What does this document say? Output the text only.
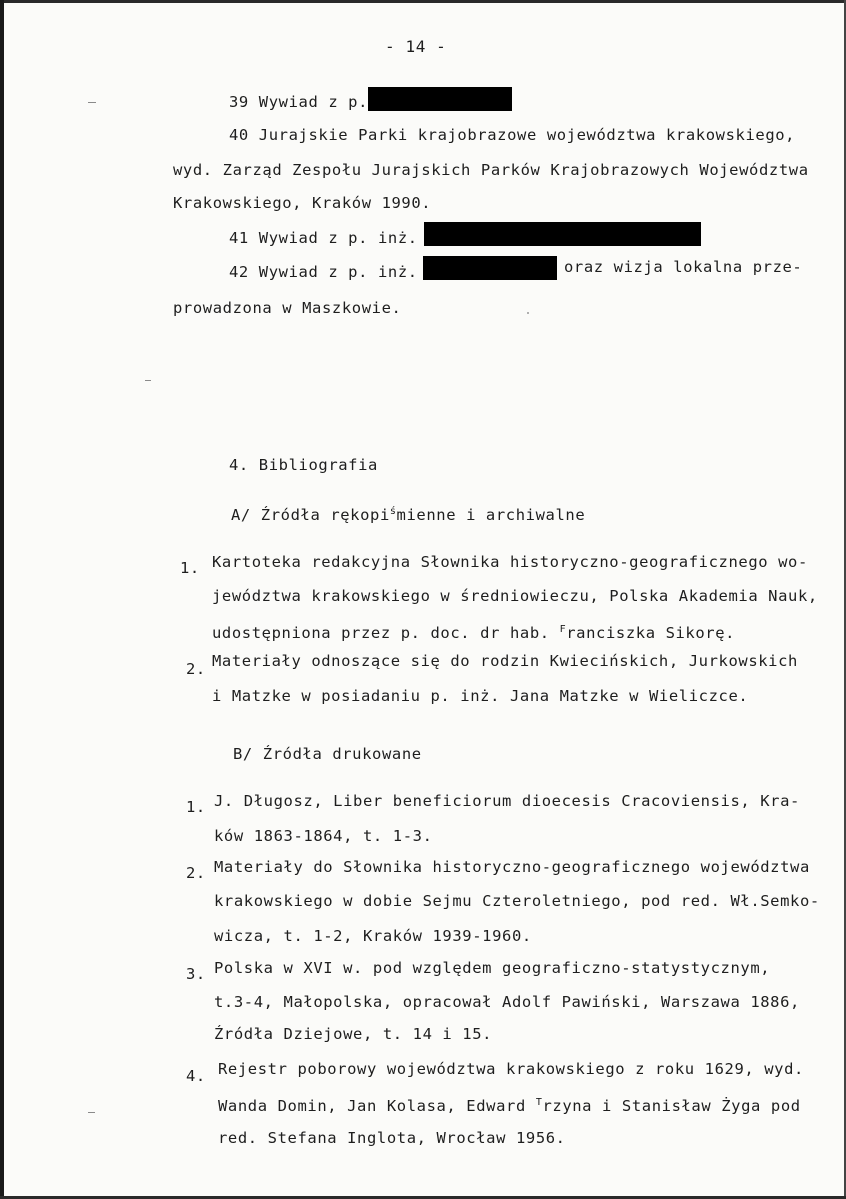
- 14 -
39 Wywiad z p.
40 Jurajskie Parki krajobrazowe województwa krakowskiego,
wyd. Zarząd Zespołu Jurajskich Parków Krajobrazowych Województwa
Krakowskiego, Kraków 1990.
41 Wywiad z p. inż.
42 Wywiad z p. inż.	oraz wizja lokalna prze-
prowadzona w Maszkowie.
4. Bibliografia
A/ Źródła rękopi$^ś$mienne i archiwalne
1. Kartoteka redakcyjna Słownika historyczno-geograficznego wo-
jewództwa krakowskiego w średniowieczu, Polska Akademia Nauk,
udostępniona przez p. doc. dr hab. $^F$ranciszka Sikorę.
2. Materiały odnoszące się do rodzin Kwiecińskich, Jurkowskich
i Matzke w posiadaniu p. inż. Jana Matzke w Wieliczce.
B/ Źródła drukowane
1. J. Długosz, Liber beneficiorum dioecesis Cracoviensis, Kra-
ków 1863-1864, t. 1-3.
2. Materiały do Słownika historyczno-geograficznego województwa
krakowskiego w dobie Sejmu Czteroletniego, pod red. Wł.Semko-
wicza, t. 1-2, Kraków 1939-1960.
3. Polska w XVI w. pod względem geograficzno-statystycznym,
t.3-4, Małopolska, opracował Adolf Pawiński, Warszawa 1886,
Źródła Dziejowe, t. 14 i 15.
4. Rejestr poborowy województwa krakowskiego z roku 1629, wyd.
Wanda Domin, Jan Kolasa, Edward $^T$rzyna i Stanisław Żyga pod
red. Stefana Inglota, Wrocław 1956.
